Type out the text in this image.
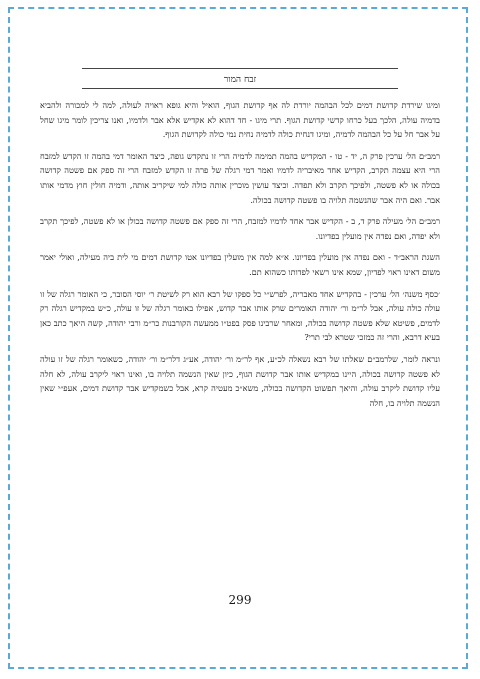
זבח המור

ומיגו שירדת קדושת דמים לכל הבהמה יורדת לה אף קדושת הגוף, הואיל והיא גופא ראויה לעולה, למה לי למכורה ולהביא בדמיה עולה, הלכך בעל כרחו קדשי קדושת הגוף. תרי מיגו - חד דהוא לא אקדיש אלא אבר ולדמיו, ואנו צריכין לומר מיגו שחל על אבר חל על כל הבהמה לדמיה, ומיגו דנחית כולה לדמיה נחית נמי כולה לקדושת הגוף.

רמב״ם הל׳ ערכין פרק ה, יד - טו - המקדיש בהמה תמימה לדמיה הרי זו נתקדש גופה, כיצד האומר דמי בהמה זו הקדש למזבח הרי היא עצמה תקרב, הקדיש אחד מאיבריה לדמיו ואמר דמי רגלה של פרה זו הקדש למזבח הרי זה ספק אם פשטה קדושה בכולה או לא פשטה, ולפיכך תקרב ולא תפדה. וכיצד עושין מוכרין אותה כולה למי שיקריב אותה, ודמיה חולין חוץ מדמי אותו אבר. ואם היה אבר שהנשמה תלויה בו פשטה קדושה בכולה.

רמב״ם הל׳ מעילה פרק ד, ב - הקדיש אבר אחד לדמיו למזבח, הרי זה ספק אם פשטה קדושה בכולן או לא פשטה, לפיכך תקרב ולא יפדה, ואם נפדה אין מועלין בפדיונו.

השגת הראב״ד - ואם נפדה אין מועלין בפדיונו. א״א למה אין מועלין בפדיונו אטו קדושת דמים מי לית ביה מעילה, ואולי יאמר משום דאינו ראוי לפדיון, שמא אינו רשאי לפדותו כשהוא תם.

׳כסף משנה׳ הל׳ ערכין - בהקדיש אחד מאבריה, לפרש״י כל ספקו של רבא הוא רק לשיטת ר׳ יוסי הסובר, כי האומר רגלה של זו עולה כולה עולה, אבל לר״מ ור׳ יהודה האומרים שרק אותו אבר קדוש, אפילו באומר רגלה של זו עולה, כ״ש במקדיש רגלה רק לדמים, פשיטא שלא פשטה קדושה בכולה, ומאחר שרבינו פסק בפט״ו ממעשה הקורבנות כר״מ ורבי יהודה, קשה היאך כתב כאן בעיא דרבא, והרי זה כמזכי שטרא לבי תרי?

ונראה לומר, שלרמב״ם שאלתו של רבא נשאלה לכ״ע, אף לר״מ ור׳ יהודה, אע״ג דלר״מ ור׳ יהודה, כשאומר רגלה של זו עולה לא פשטה קדושה בכולה, היינו במקדיש אותו אבר קדושת הגוף, כיון שאין הנשמה תלויה בו, ואינו ראוי ליקרב עולה, לא חלה עליו קדושת ליקרב עולה, והיאך תפשוט הקדושה בכולה, משא״כ מעטיה קרא, אבל כשמקדיש אבר קדושת דמים, אעפ״י שאין הנשמה תלויה בו, חלה

299
